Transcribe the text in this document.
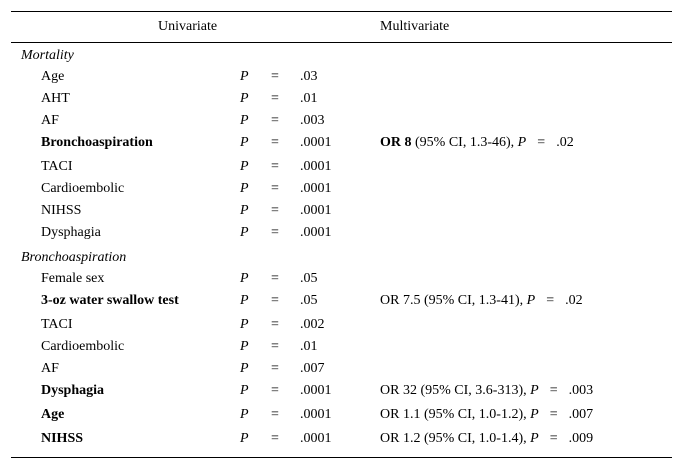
Univariate	Multivariate
Mortality
Age	P = .03
AHT	P = .01
AF	P = .003
Bronchoaspiration	P = .0001	OR 8 (95% CI, 1.3-46), P = .02
TACI	P = .0001
Cardioembolic	P = .0001
NIHSS	P = .0001
Dysphagia	P = .0001
Bronchoaspiration
Female sex	P = .05
3-oz water swallow test	P = .05	OR 7.5 (95% CI, 1.3-41), P = .02
TACI	P = .002
Cardioembolic	P = .01
AF	P = .007
Dysphagia	P = .0001	OR 32 (95% CI, 3.6-313), P = .003
Age	P = .0001	OR 1.1 (95% CI, 1.0-1.2), P = .007
NIHSS	P = .0001	OR 1.2 (95% CI, 1.0-1.4), P = .009
